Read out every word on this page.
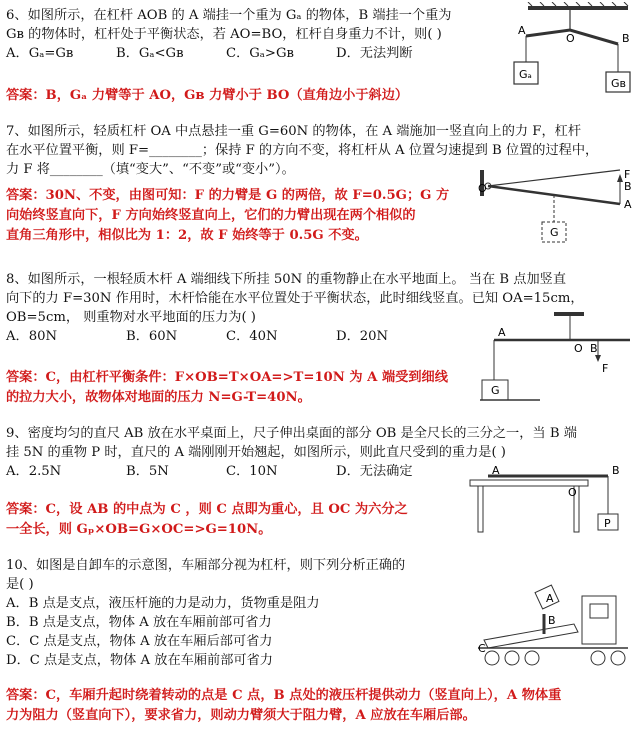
6、如图所示，在杠杆 AOB 的 A 端挂一个重为 Gₐ 的物体，B 端挂一个重为
Gв 的物体时，杠杆处于平衡状态，若 AO=BO，杠杆自身重力不计，则( )
A．Gₐ=Gв	B．Gₐ<Gв	C．Gₐ>Gв	D．无法判断
答案：B，Gₐ 力臂等于 AO，Gв 力臂小于 BO（直角边小于斜边）
A
O	B
Gₐ
Gв
7、如图所示，轻质杠杆 OA 中点悬挂一重 G=60N 的物体，在 A 端施加一竖直向上的力 F，杠杆
在水平位置平衡，则 F=________；保持 F 的方向不变，将杠杆从 A 位置匀速提到 B 位置的过程中，
力 F 将________（填“变大”、“不变”或“变小”）。
答案：30N、不变，由图可知：F 的力臂是 G 的两倍，故 F=0.5G；G 方
向始终竖直向下，F 方向始终竖直向上，它们的力臂出现在两个相似的
直角三角形中，相似比为 1：2，故 F 始终等于 0.5G 不变。
O
F
B
A
G
8、如图所示，一根轻质木杆 A 端细线下所挂 50N 的重物静止在水平地面上。 当在 B 点加竖直
向下的力 F=30N 作用时，木杆恰能在水平位置处于平衡状态，此时细线竖直。已知 OA=15cm，
OB=5cm， 则重物对水平地面的压力为( )
A．80N	B．60N	C．40N	D．20N
答案：C，由杠杆平衡条件：F×OB=T×OA=>T=10N 为 A 端受到细线
的拉力大小，故物体对地面的压力 N=G-T=40N。
A
O B
F
G
9、密度均匀的直尺 AB 放在水平桌面上，尺子伸出桌面的部分 OB 是全尺长的三分之一，当 B 端
挂 5N 的重物 P 时，直尺的 A 端刚刚开始翘起，如图所示，则此直尺受到的重力是( )
A．2.5N	B．5N	C．10N	D．无法确定
答案：C，设 AB 的中点为 C ，则 C 点即为重心，且 OC 为六分之
一全长，则 Gₚ×OB=G×OC=>G=10N。
A
O
B
P
10、如图是自卸车的示意图，车厢部分视为杠杆，则下列分析正确的
是( )
A．B 点是支点，液压杆施的力是动力，货物重是阻力
B．B 点是支点，物体 A 放在车厢前部可省力
C．C 点是支点，物体 A 放在车厢后部可省力
D．C 点是支点，物体 A 放在车厢前部可省力
答案：C，车厢升起时绕着转动的点是 C 点，B 点处的液压杆提供动力（竖直向上），A 物体重
力为阻力（竖直向下），要求省力，则动力臂须大于阻力臂，A 应放在车厢后部。
A
B
C
